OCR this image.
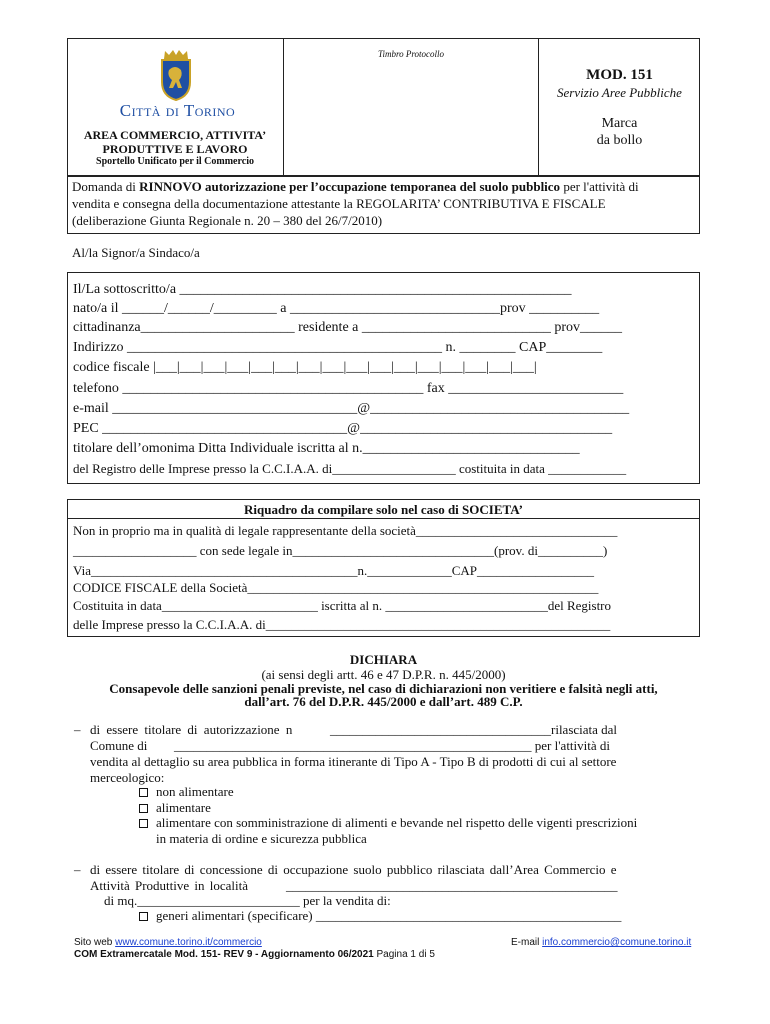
Città di Torino
AREA COMMERCIO, ATTIVITA’
PRODUTTIVE E LAVORO
Sportello Unificato per il Commercio
Timbro Protocollo
MOD. 151
Servizio Aree Pubbliche
Marca
da bollo
Domanda di RINNOVO autorizzazione per l’occupazione temporanea del suolo pubblico per l'attività di
vendita e consegna della documentazione attestante la REGOLARITA’ CONTRIBUTIVA E FISCALE
(deliberazione Giunta Regionale n. 20 – 380 del 26/7/2010)
Al/la Signor/a Sindaco/a
Il/La sottoscritto/a ________________________________________________________
nato/a il ______/______/_________ a ______________________________prov __________
cittadinanza______________________ residente a ___________________________ prov______
Indirizzo _____________________________________________ n. ________ CAP________
codice fiscale |___|___|___|___|___|___|___|___|___|___|___|___|___|___|___|___|
telefono ___________________________________________ fax _________________________
e-mail ___________________________________@_____________________________________
PEC ___________________________________@____________________________________
titolare dell’omonima Ditta Individuale iscritta al n._______________________________
del Registro delle Imprese presso la C.C.I.A.A. di___________________ costituita in data ____________
Riquadro da compilare solo nel caso di SOCIETA’
Non in proprio ma in qualità di legale rappresentante della società_______________________________
___________________ con sede legale in_______________________________(prov. di__________)
Via_________________________________________n._____________CAP__________________
CODICE FISCALE della Società______________________________________________________
Costituita in data________________________ iscritta al n. _________________________del Registro
delle Imprese presso la C.C.I.A.A. di_____________________________________________________
DICHIARA
(ai sensi degli artt. 46 e 47 D.P.R. n. 445/2000)
Consapevole delle sanzioni penali previste, nel caso di dichiarazioni non veritiere e falsità negli atti,
dall’art. 76 del D.P.R. 445/2000 e dall’art. 489 C.P.
– di essere titolare di autorizzazione n	__________________________________rilasciata dal
Comune di _______________________________________________________ per l'attività di
vendita al dettaglio su area pubblica in forma itinerante di Tipo A - Tipo B di prodotti di cui al settore
merceologico:
non alimentare
alimentare
alimentare con somministrazione di alimenti e bevande nel rispetto delle vigenti prescrizioni
in materia di ordine e sicurezza pubblica
– di essere titolare di concessione di occupazione suolo pubblico rilasciata dall’Area Commercio e
Attività Produttive in località	___________________________________________________
di mq._________________________ per la vendita di:
generi alimentari (specificare) _______________________________________________
Sito web www.comune.torino.it/commercio	E-mail info.commercio@comune.torino.it
COM Extramercatale Mod. 151- REV 9 - Aggiornamento 06/2021 Pagina 1 di 5
